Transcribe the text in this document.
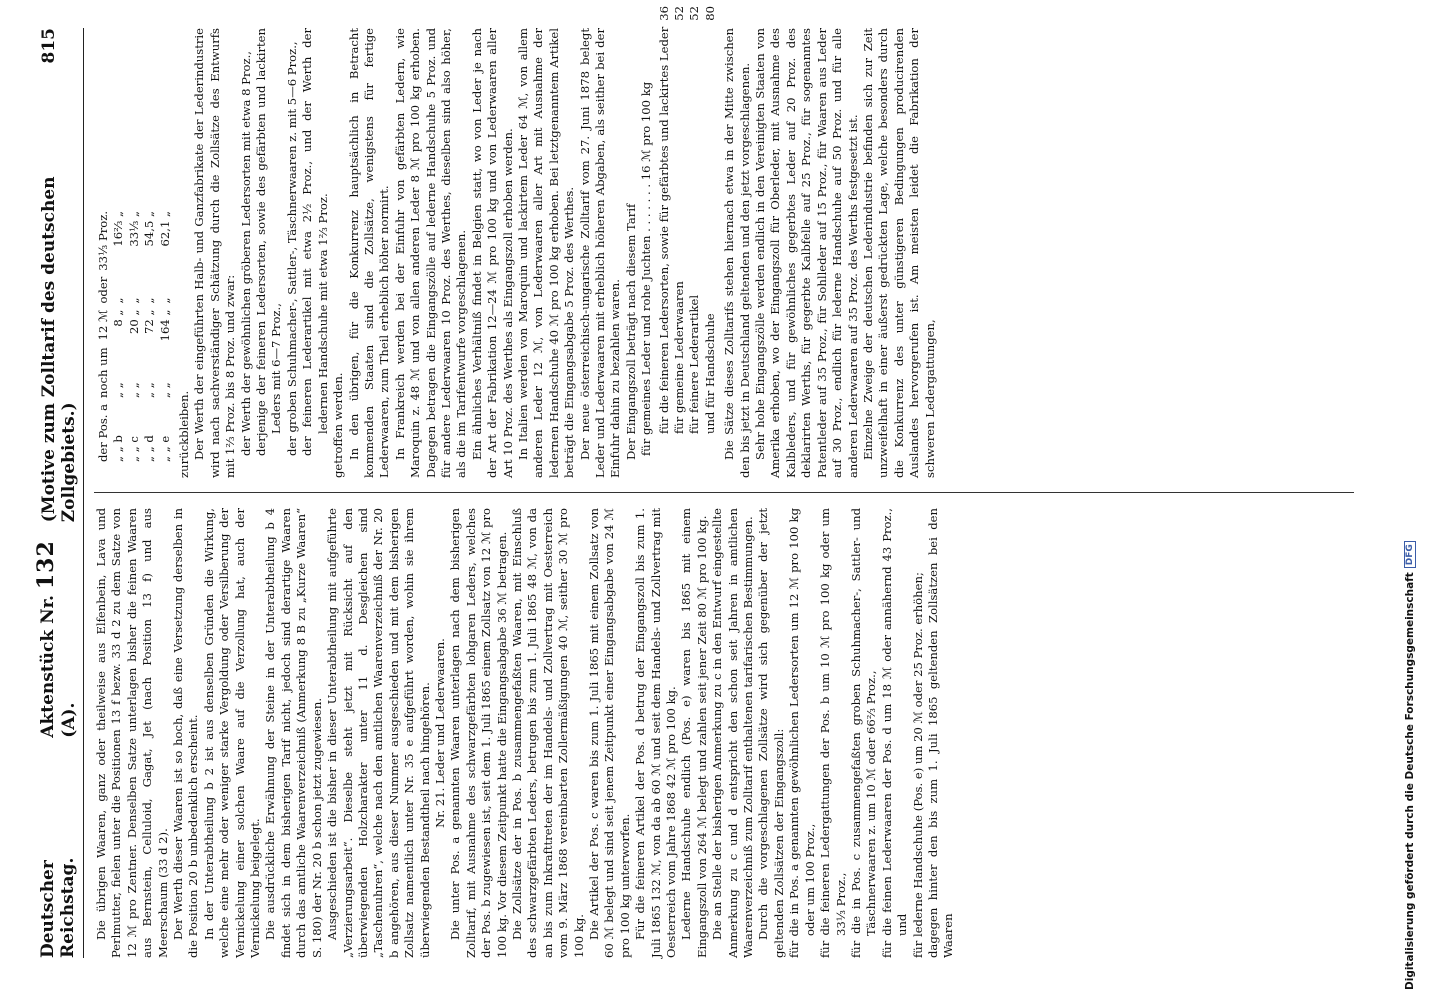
Deutscher Reichstag.
Aktenstück Nr. 132 (A).
(Motive zum Zolltarif des deutschen Zollgebiets.)
815

Die übrigen Waaren, ganz oder theilweise aus Elfenbein, Lava und Perlmutter, fielen unter die Positionen 13 f bezw. 33 d 2 zu dem Satze von 12 ℳ pro Zentner. Denselben Satze unterlagen bisher die feinen Waaren aus Bernstein, Celluloid, Gagat, Jet (nach Position 13 f) und aus Meerschaum (33 d 2). Der Werth dieser Waaren ist so hoch, daß eine Versetzung derselben in die Position 20 b unbedenklich erscheint. In der Unterabtheilung b 2 ist aus denselben Gründen die Wirkung, welche eine mehr oder weniger starke Vergoldung oder Versilberung der Vernickelung einer solchen Waare auf die Verzollung hat, auch der Vernickelung beigelegt. Die ausdrückliche Erwähnung der Steine in der Unterabtheilung b 4 findet sich in dem bisherigen Tarif nicht, jedoch sind derartige Waaren durch das amtliche Waarenverzeichniß (Anmerkung 8 B zu „Kurze Waaren“ S. 180) der Nr. 20 b schon jetzt zugewiesen. Ausgeschieden ist die bisher in dieser Unterabtheilung mit aufgeführte „Verzierungsarbeit“. Dieselbe steht jetzt mit Rücksicht auf den überwiegenden Holzcharakter unter 11 d. Desgleichen sind „Taschenuhren“, welche nach den amtlichen Waarenverzeichniß der Nr. 20 b angehören, aus dieser Nummer ausgeschieden und mit dem bisherigen Zollsatz namentlich unter Nr. 35 e aufgeführt worden, wohin sie ihrem überwiegenden Bestandtheil nach hingehören. Nr. 21. Leder und Lederwaaren. Die unter Pos. a genannten Waaren unterlagen nach dem bisherigen Zolltarif, mit Ausnahme des schwarzgefärbten lohgaren Leders, welches der Pos. b zugewiesen ist, seit dem 1. Juli 1865 einem Zollsatz von 12 ℳ pro 100 kg. Vor diesem Zeitpunkt hatte die Eingangsabgabe 36 ℳ betragen. Die Zollsätze der in Pos. b zusammengefaßten Waaren, mit Einschluß des schwarzgefärbten Leders, betrugen bis zum 1. Juli 1865 48 ℳ, von da an bis zum Inkrafttreten der im Handels- und Zollvertrag mit Oesterreich vom 9. März 1868 vereinbarten Zollermäßigungen 40 ℳ, seither 30 ℳ pro 100 kg. Die Artikel der Pos. c waren bis zum 1. Juli 1865 mit einem Zollsatz von 60 ℳ belegt und sind seit jenem Zeitpunkt einer Eingangsabgabe von 24 ℳ pro 100 kg unterworfen. Für die feineren Artikel der Pos. d betrug der Eingangszoll bis zum 1. Juli 1865 132 ℳ, von da ab 60 ℳ und seit dem Handels- und Zollvertrag mit Oesterreich vom Jahre 1868 42 ℳ pro 100 kg. Lederne Handschuhe endlich (Pos. e) waren bis 1865 mit einem Eingangszoll von 264 ℳ belegt und zahlen seit jener Zeit 80 ℳ pro 100 kg. Die an Stelle der bisherigen Anmerkung zu c in den Entwurf eingestellte Anmerkung zu c und d entspricht den schon seit Jahren in amtlichen Waarenverzeichniß zum Zolltarif enthaltenen tarifarischen Bestimmungen. Durch die vorgeschlagenen Zollsätze wird sich gegenüber der jetzt geltenden Zollsätzen der Eingangszoll: für die in Pos. a genannten gewöhnlichen Ledersorten um 12 ℳ pro 100 kg oder um 100 Proz., für die feineren Ledergattungen der Pos. b um 10 ℳ pro 100 kg oder um 33⅓ Proz., für die in Pos. c zusammengefaßten groben Schuhmacher-, Sattler- und Täschnerwaaren z. um 10 ℳ oder 66⅔ Proz., für die feinen Lederwaaren der Pos. d um 18 ℳ oder annähernd 43 Proz., und für lederne Handschuhe (Pos. e) um 20 ℳ oder 25 Proz. erhöhen; dagegen hinter den bis zum 1. Juli 1865 geltenden Zollsätzen bei den Waaren

der Pos. a	noch um	12 ℳ	oder	33⅓ Proz.
„ „ b	„ „	8 „	„	16⅔ „
„ „ c	„ „	20 „	„	33⅓ „
„ „ d	„ „	72 „	„	54,5 „
„ „ e	„ „	164 „	„	62,1 „

zurückbleiben. Der Werth der eingeführten Halb- und Ganzfabrikate der Lederindustrie wird nach sachverständiger Schätzung durch die Zollsätze des Entwurfs mit 1⅔ Proz. bis 8 Proz. und zwar: der Werth der gewöhnlichen gröberen Ledersorten mit etwa 8 Proz., derjenige der feineren Ledersorten, sowie des gefärbten und lackirten Leders mit 6—7 Proz., der groben Schuhmacher-, Sattler-, Täschnerwaaren z. mit 5—6 Proz., der feineren Lederartikel mit etwa 2½ Proz., und der Werth der ledernen Handschuhe mit etwa 1⅔ Proz. getroffen werden. In den übrigen, für die Konkurrenz hauptsächlich in Betracht kommenden Staaten sind die Zollsätze, wenigstens für fertige Lederwaaren, zum Theil erheblich höher normirt. In Frankreich werden bei der Einfuhr von gefärbten Ledern, wie Maroquin z. 48 ℳ und von allen anderen Leder 8 ℳ pro 100 kg erhoben. Dagegen betragen die Eingangszölle auf lederne Handschuhe 5 Proz. und für andere Lederwaaren 10 Proz. des Werthes, dieselben sind also höher, als die im Tarifentwurfe vorgeschlagenen. Ein ähnliches Verhältniß findet in Belgien statt, wo von Leder je nach der Art der Fabrikation 12—24 ℳ pro 100 kg und von Lederwaaren aller Art 10 Proz. des Werthes als Eingangszoll erhoben werden. In Italien werden von Maroquin und lackirtem Leder 64 ℳ, von allem anderen Leder 12 ℳ, von Lederwaaren aller Art mit Ausnahme der ledernen Handschuhe 40 ℳ pro 100 kg erhoben. Bei letztgenanntem Artikel beträgt die Eingangsabgabe 5 Proz. des Werthes. Der neue österreichisch-ungarische Zolltarif vom 27. Juni 1878 belegt Leder und Lederwaaren mit erheblich höheren Abgaben, als seither bei der Einfuhr dahin zu bezahlen waren. Der Eingangszoll beträgt nach diesem Tarif für gemeines Leder und rohe Juchten . . . . . . . 16 ℳ pro 100 kg für die feineren Ledersorten, sowie für gefärbtes und lackirtes Leder	36	
für gemeine Lederwaaren	52	
für feinere Lederartikel	52	
und für Handschuhe	80	

Die Sätze dieses Zolltarifs stehen hiernach etwa in der Mitte zwischen den bis jetzt in Deutschland geltenden und den jetzt vorgeschlagenen. Sehr hohe Eingangszölle werden endlich in den Vereinigten Staaten von Amerika erhoben, wo der Eingangszoll für Oberleder, mit Ausnahme des Kalbleders, und für gewöhnliches gegerbtes Leder auf 20 Proz. des deklarirten Werths, für gegerbte Kalbfelle auf 25 Proz., für sogenanntes Patentleder auf 35 Proz., für Sohlleder auf 15 Proz., für Waaren aus Leder auf 30 Proz., endlich für lederne Handschuhe auf 50 Proz. und für alle anderen Lederwaaren auf 35 Proz. des Werths festgesetzt ist. Einzelne Zweige der deutschen Lederindustrie befinden sich zur Zeit unzweifelhaft in einer äußerst gedrückten Lage, welche besonders durch die Konkurrenz des unter günstigeren Bedingungen producirenden Auslandes hervorgerufen ist. Am meisten leidet die Fabrikation der schweren Ledergattungen,

Digitalisierung gefördert durch die Deutsche Forschungsgemeinschaft
DFG
